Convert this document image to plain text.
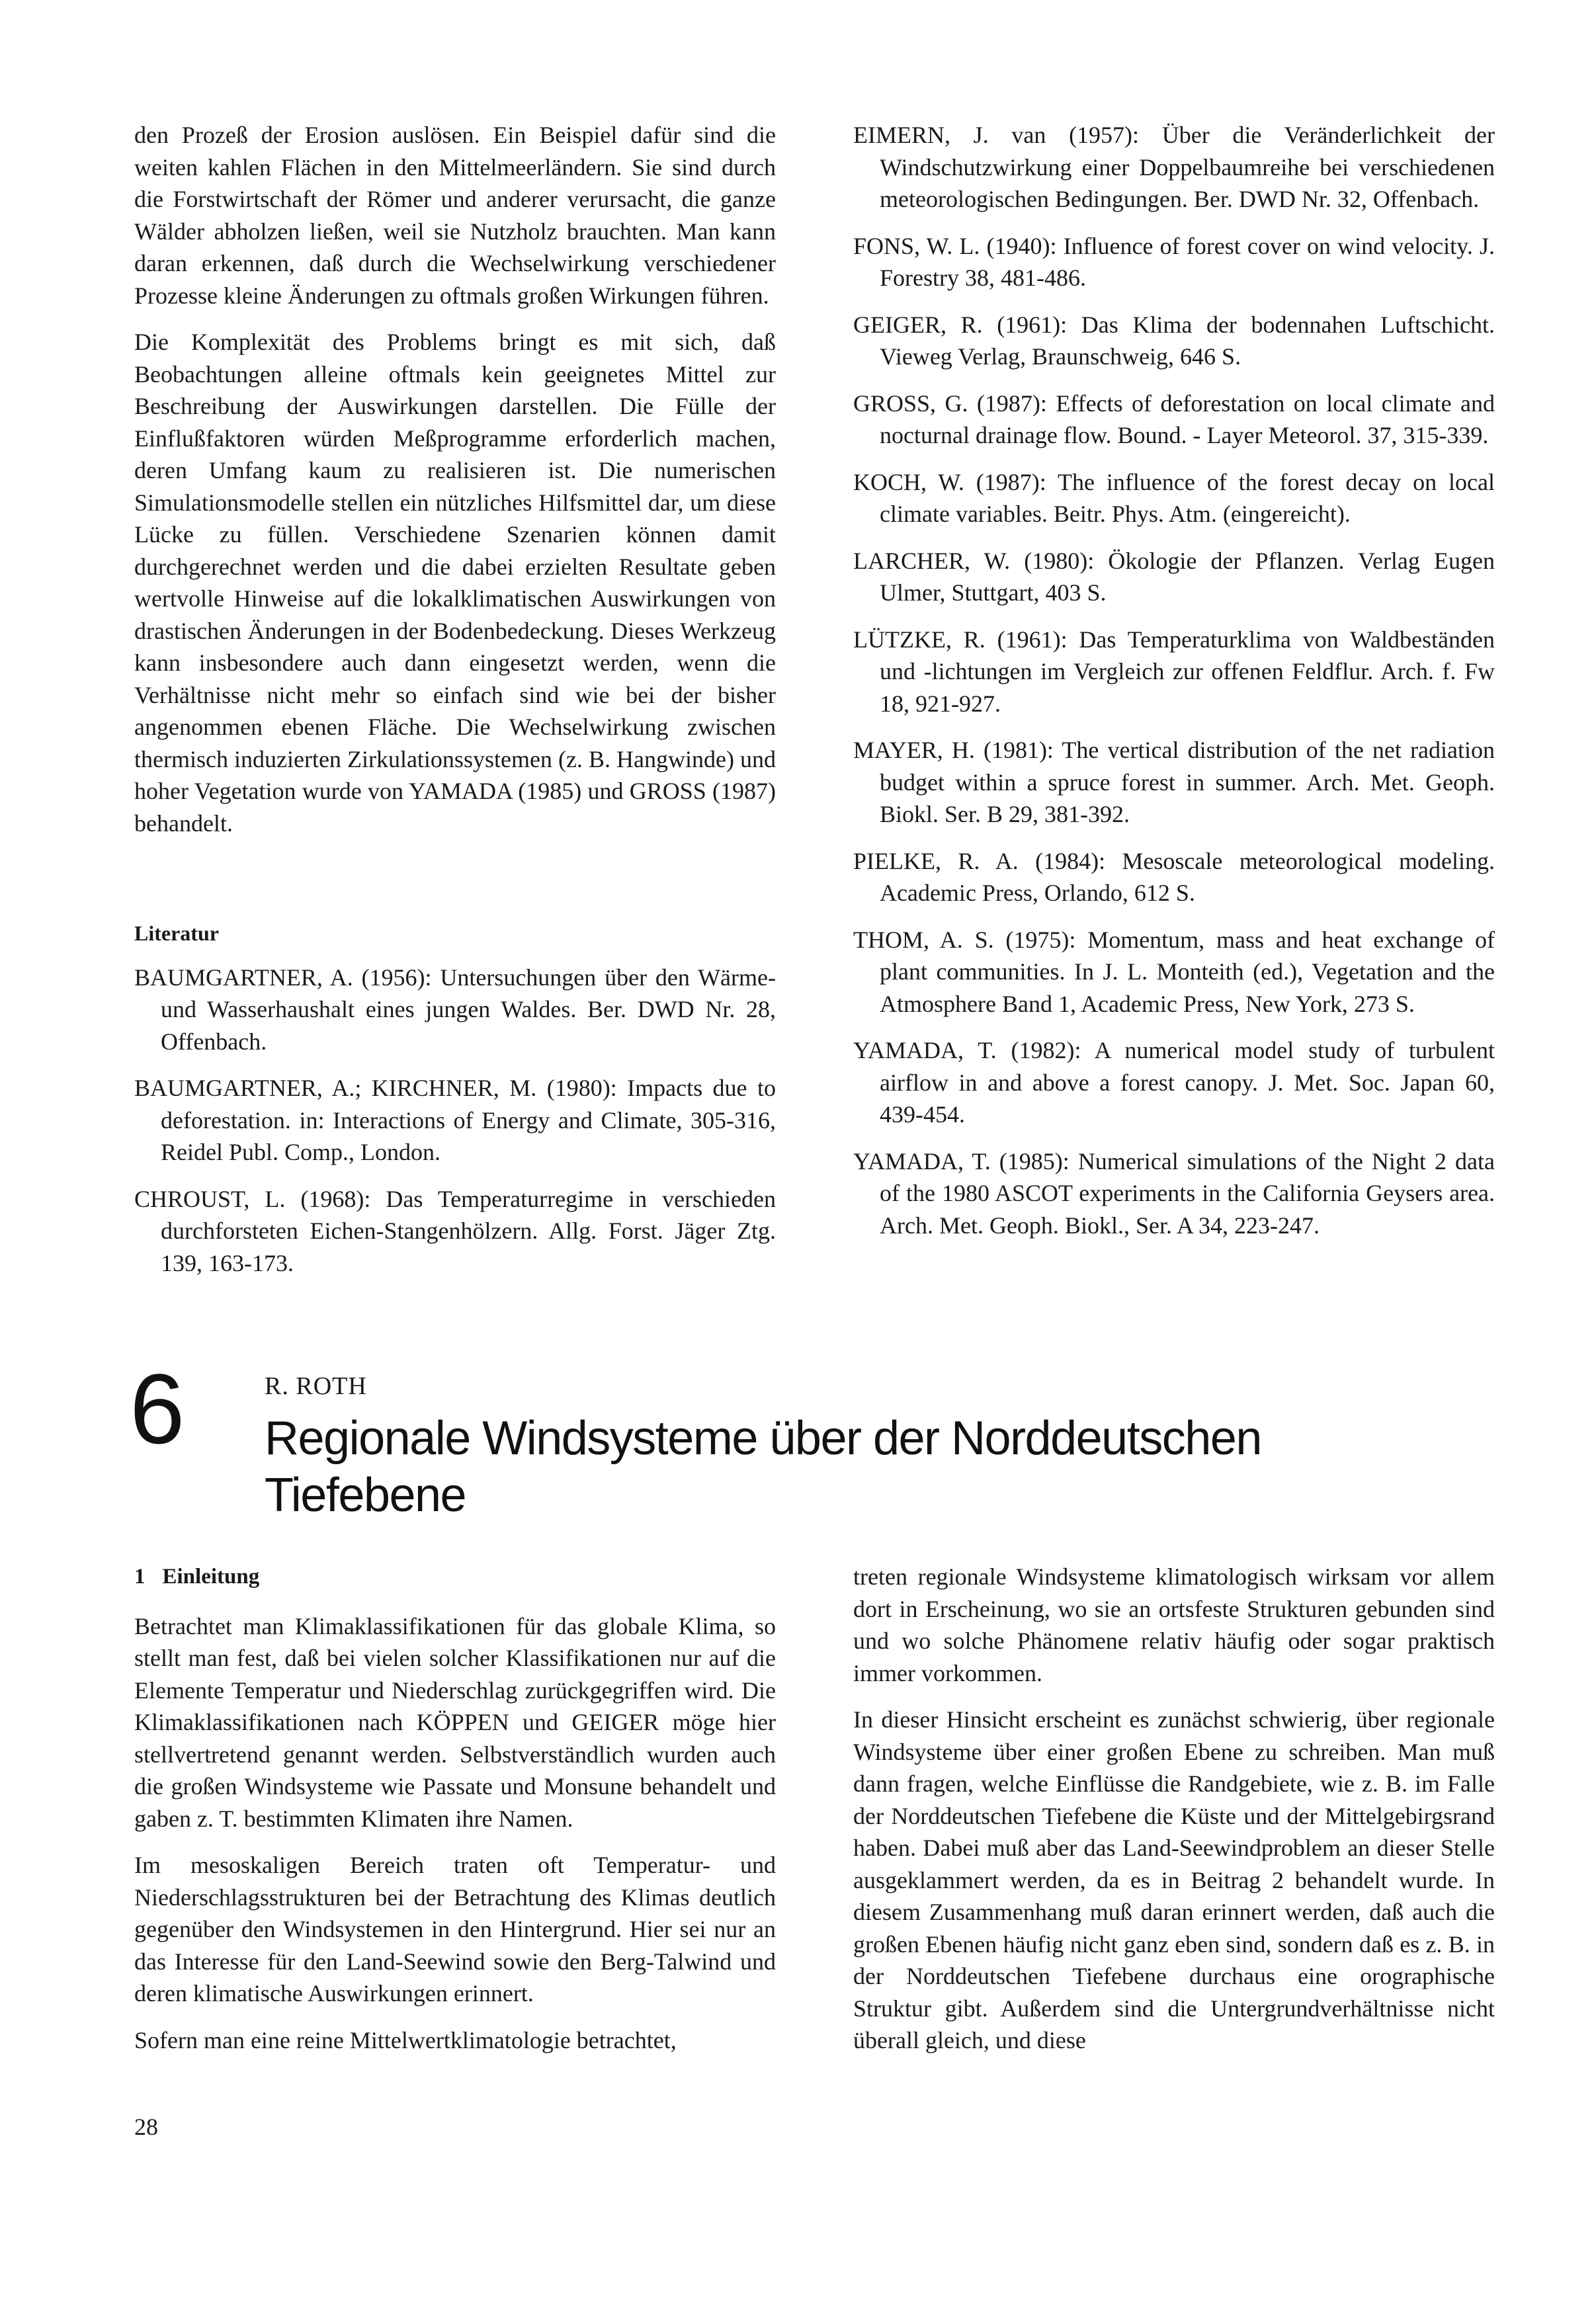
den Prozeß der Erosion auslösen. Ein Beispiel dafür sind die weiten kahlen Flächen in den Mittelmeerländern. Sie sind durch die Forstwirtschaft der Römer und anderer verursacht, die ganze Wälder abholzen ließen, weil sie Nutzholz brauchten. Man kann daran erkennen, daß durch die Wechselwirkung verschiedener Prozesse kleine Änderungen zu oftmals großen Wirkungen führen.

Die Komplexität des Problems bringt es mit sich, daß Beobachtungen alleine oftmals kein geeignetes Mittel zur Beschreibung der Auswirkungen darstellen. Die Fülle der Einflußfaktoren würden Meßprogramme erforderlich machen, deren Umfang kaum zu realisieren ist. Die numerischen Simulationsmodelle stellen ein nützliches Hilfsmittel dar, um diese Lücke zu füllen. Verschiedene Szenarien können damit durchgerechnet werden und die dabei erzielten Resultate geben wertvolle Hinweise auf die lokalklimatischen Auswirkungen von drastischen Änderungen in der Bodenbedeckung. Dieses Werkzeug kann insbesondere auch dann eingesetzt werden, wenn die Verhältnisse nicht mehr so einfach sind wie bei der bisher angenommen ebenen Fläche. Die Wechselwirkung zwischen thermisch induzierten Zirkulationssystemen (z. B. Hangwinde) und hoher Vegetation wurde von YAMADA (1985) und GROSS (1987) behandelt.

Literatur
BAUMGARTNER, A. (1956): Untersuchungen über den Wärme- und Wasserhaushalt eines jungen Waldes. Ber. DWD Nr. 28, Offenbach.
BAUMGARTNER, A.; KIRCHNER, M. (1980): Impacts due to deforestation. in: Interactions of Energy and Climate, 305-316, Reidel Publ. Comp., London.
CHROUST, L. (1968): Das Temperaturregime in verschieden durchforsteten Eichen-Stangenhölzern. Allg. Forst. Jäger Ztg. 139, 163-173.
EIMERN, J. van (1957): Über die Veränderlichkeit der Windschutzwirkung einer Doppelbaumreihe bei verschiedenen meteorologischen Bedingungen. Ber. DWD Nr. 32, Offenbach.
FONS, W. L. (1940): Influence of forest cover on wind velocity. J. Forestry 38, 481-486.
GEIGER, R. (1961): Das Klima der bodennahen Luftschicht. Vieweg Verlag, Braunschweig, 646 S.
GROSS, G. (1987): Effects of deforestation on local climate and nocturnal drainage flow. Bound. - Layer Meteorol. 37, 315-339.
KOCH, W. (1987): The influence of the forest decay on local climate variables. Beitr. Phys. Atm. (eingereicht).
LARCHER, W. (1980): Ökologie der Pflanzen. Verlag Eugen Ulmer, Stuttgart, 403 S.
LÜTZKE, R. (1961): Das Temperaturklima von Waldbeständen und -lichtungen im Vergleich zur offenen Feldflur. Arch. f. Fw 18, 921-927.
MAYER, H. (1981): The vertical distribution of the net radiation budget within a spruce forest in summer. Arch. Met. Geoph. Biokl. Ser. B 29, 381-392.
PIELKE, R. A. (1984): Mesoscale meteorological modeling. Academic Press, Orlando, 612 S.
THOM, A. S. (1975): Momentum, mass and heat exchange of plant communities. In J. L. Monteith (ed.), Vegetation and the Atmosphere Band 1, Academic Press, New York, 273 S.
YAMADA, T. (1982): A numerical model study of turbulent airflow in and above a forest canopy. J. Met. Soc. Japan 60, 439-454.
YAMADA, T. (1985): Numerical simulations of the Night 2 data of the 1980 ASCOT experiments in the California Geysers area. Arch. Met. Geoph. Biokl., Ser. A 34, 223-247.
6	R. ROTH
Regionale Windsysteme über der Norddeutschen Tiefebene
1 Einleitung

Betrachtet man Klimaklassifikationen für das globale Klima, so stellt man fest, daß bei vielen solcher Klassifikationen nur auf die Elemente Temperatur und Niederschlag zurückgegriffen wird. Die Klimaklassifikationen nach KÖPPEN und GEIGER möge hier stellvertretend genannt werden. Selbstverständlich wurden auch die großen Windsysteme wie Passate und Monsune behandelt und gaben z. T. bestimmten Klimaten ihre Namen.

Im mesoskaligen Bereich traten oft Temperatur- und Niederschlagsstrukturen bei der Betrachtung des Klimas deutlich gegenüber den Windsystemen in den Hintergrund. Hier sei nur an das Interesse für den Land-Seewind sowie den Berg-Talwind und deren klimatische Auswirkungen erinnert.

Sofern man eine reine Mittelwertklimatologie betrachtet,

treten regionale Windsysteme klimatologisch wirksam vor allem dort in Erscheinung, wo sie an ortsfeste Strukturen gebunden sind und wo solche Phänomene relativ häufig oder sogar praktisch immer vorkommen.

In dieser Hinsicht erscheint es zunächst schwierig, über regionale Windsysteme über einer großen Ebene zu schreiben. Man muß dann fragen, welche Einflüsse die Randgebiete, wie z. B. im Falle der Norddeutschen Tiefebene die Küste und der Mittelgebirgsrand haben. Dabei muß aber das Land-Seewindproblem an dieser Stelle ausgeklammert werden, da es in Beitrag 2 behandelt wurde. In diesem Zusammenhang muß daran erinnert werden, daß auch die großen Ebenen häufig nicht ganz eben sind, sondern daß es z. B. in der Norddeutschen Tiefebene durchaus eine orographische Struktur gibt. Außerdem sind die Untergrundverhältnisse nicht überall gleich, und diese

28
